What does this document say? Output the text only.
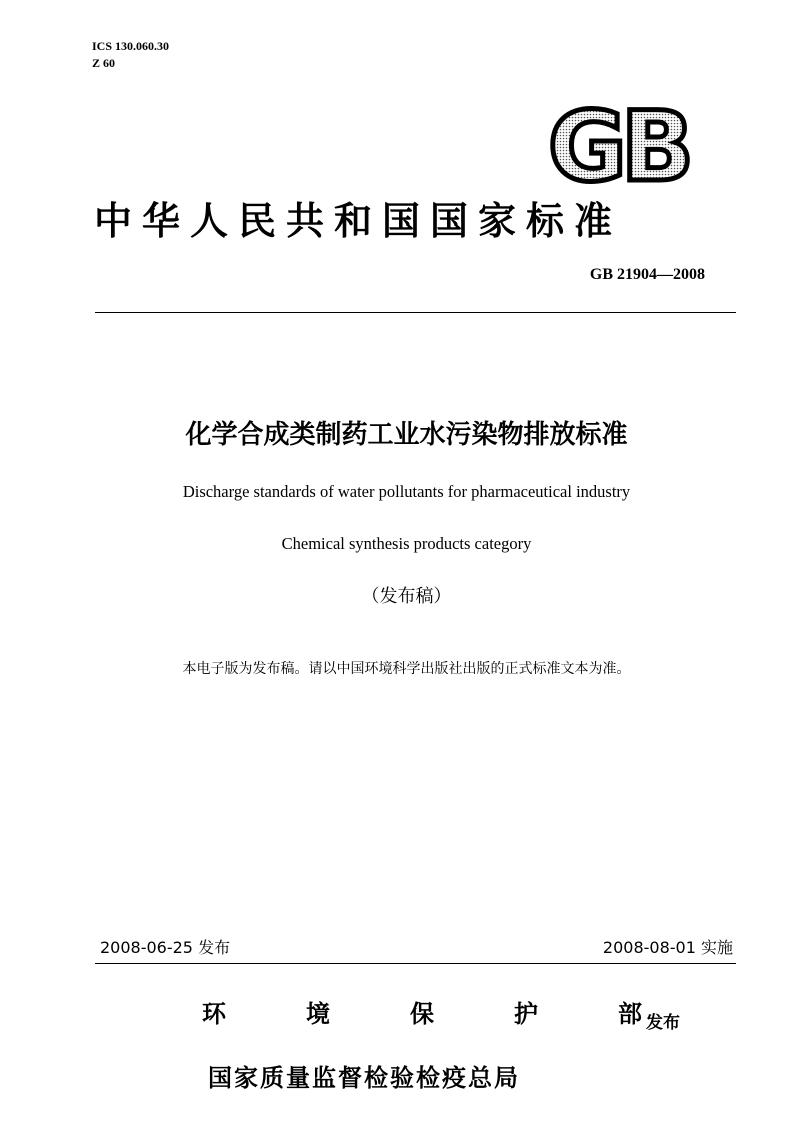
ICS 130.060.30
Z 60
GB
中华人民共和国国家标准
GB 21904—2008
化学合成类制药工业水污染物排放标准
Discharge standards of water pollutants for pharmaceutical industry
Chemical synthesis products category
（发布稿）
本电子版为发布稿。请以中国环境科学出版社出版的正式标准文本为准。
2008-06-25 发布	2008-08-01 实施
环	境	保	护	部 发布
国家质量监督检验检疫总局
